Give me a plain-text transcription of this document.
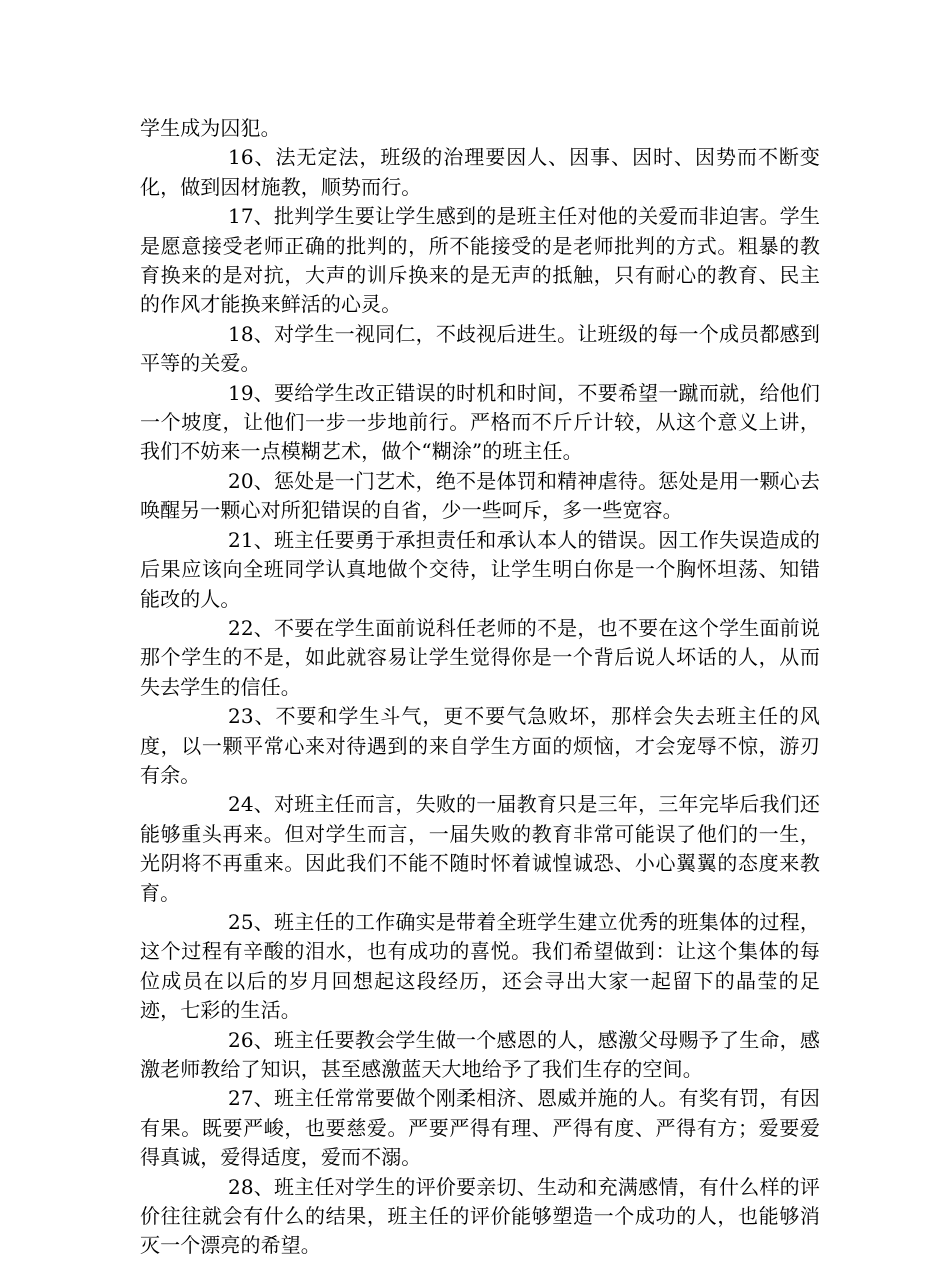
学生成为囚犯。

16、法无定法，班级的治理要因人、因事、因时、因势而不断变化，做到因材施教，顺势而行。

17、批判学生要让学生感到的是班主任对他的关爱而非迫害。学生是愿意接受老师正确的批判的，所不能接受的是老师批判的方式。粗暴的教育换来的是对抗，大声的训斥换来的是无声的抵触，只有耐心的教育、民主的作风才能换来鲜活的心灵。

18、对学生一视同仁，不歧视后进生。让班级的每一个成员都感到平等的关爱。

19、要给学生改正错误的时机和时间，不要希望一蹴而就，给他们一个坡度，让他们一步一步地前行。严格而不斤斤计较，从这个意义上讲，我们不妨来一点模糊艺术，做个“糊涂”的班主任。

20、惩处是一门艺术，绝不是体罚和精神虐待。惩处是用一颗心去唤醒另一颗心对所犯错误的自省，少一些呵斥，多一些宽容。

21、班主任要勇于承担责任和承认本人的错误。因工作失误造成的后果应该向全班同学认真地做个交待，让学生明白你是一个胸怀坦荡、知错能改的人。

22、不要在学生面前说科任老师的不是，也不要在这个学生面前说那个学生的不是，如此就容易让学生觉得你是一个背后说人坏话的人，从而失去学生的信任。

23、不要和学生斗气，更不要气急败坏，那样会失去班主任的风度，以一颗平常心来对待遇到的来自学生方面的烦恼，才会宠辱不惊，游刃有余。

24、对班主任而言，失败的一届教育只是三年，三年完毕后我们还能够重头再来。但对学生而言，一届失败的教育非常可能误了他们的一生，光阴将不再重来。因此我们不能不随时怀着诚惶诚恐、小心翼翼的态度来教育。

25、班主任的工作确实是带着全班学生建立优秀的班集体的过程，这个过程有辛酸的泪水，也有成功的喜悦。我们希望做到：让这个集体的每位成员在以后的岁月回想起这段经历，还会寻出大家一起留下的晶莹的足迹，七彩的生活。

26、班主任要教会学生做一个感恩的人，感激父母赐予了生命，感激老师教给了知识，甚至感激蓝天大地给予了我们生存的空间。

27、班主任常常要做个刚柔相济、恩威并施的人。有奖有罚，有因有果。既要严峻，也要慈爱。严要严得有理、严得有度、严得有方；爱要爱得真诚，爱得适度，爱而不溺。

28、班主任对学生的评价要亲切、生动和充满感情，有什么样的评价往往就会有什么的结果，班主任的评价能够塑造一个成功的人，也能够消灭一个漂亮的希望。
